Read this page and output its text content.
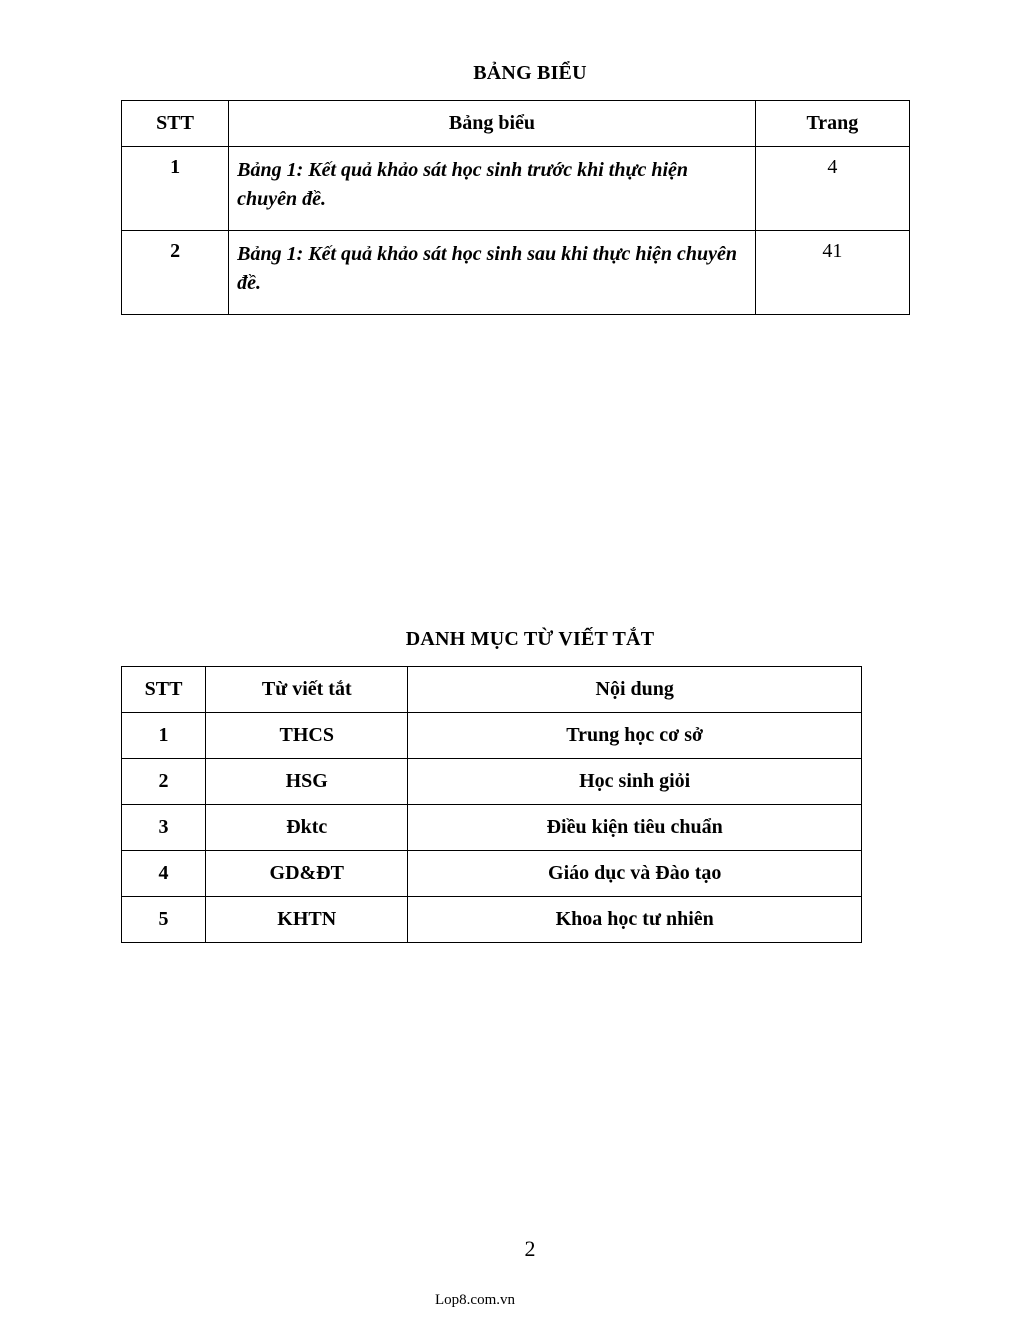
BẢNG BIỂU
STT	Bảng biểu	Trang
1	Bảng 1: Kết quả khảo sát học sinh trước khi thực hiện chuyên đề.	4
2	Bảng 1: Kết quả khảo sát học sinh sau khi thực hiện chuyên đề.	41
DANH MỤC TỪ VIẾT TẮT
STT	Từ viết tắt	Nội dung
1	THCS	Trung học cơ sở
2	HSG	Học sinh giỏi
3	Đktc	Điều kiện tiêu chuẩn
4	GD&ĐT	Giáo dục và Đào tạo
5	KHTN	Khoa học tư nhiên
2
Lop8.com.vn
